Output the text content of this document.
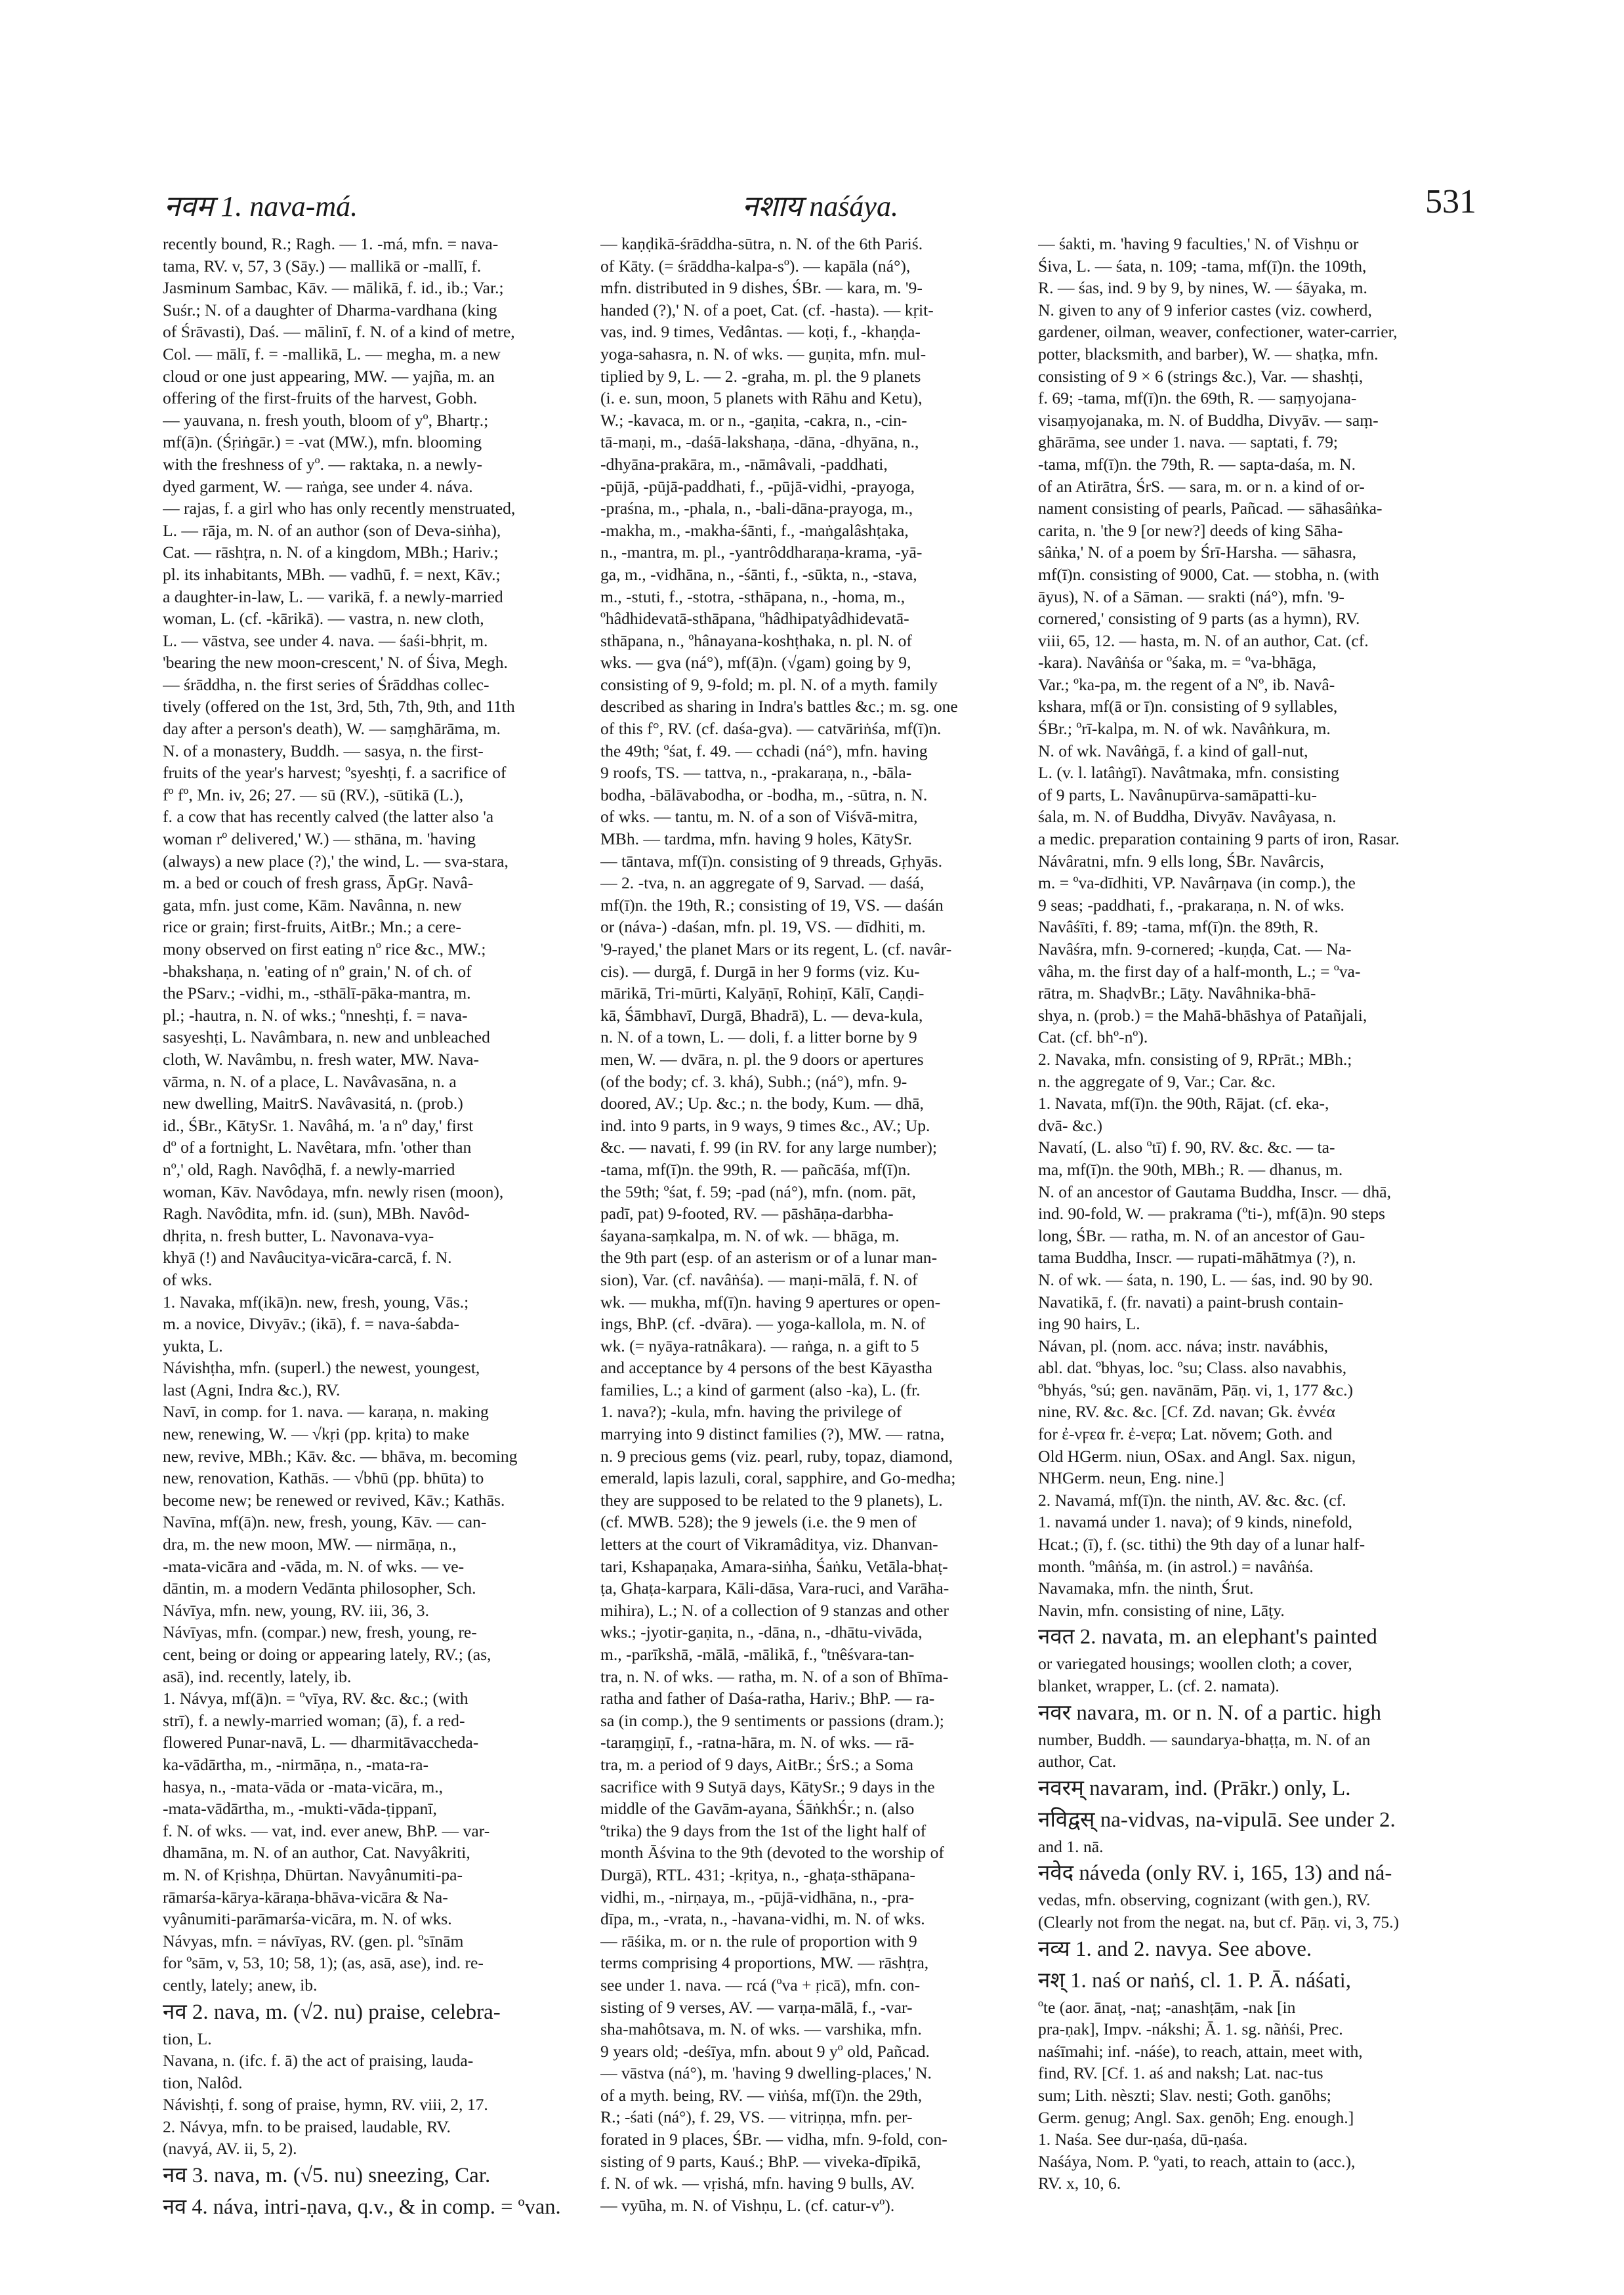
नवम 1. nava-má.	नशाय naśáya.	531
recently bound, R.; Ragh. — 1. -má, mfn. = nava-
tama, RV. v, 57, 3 (Sāy.) — mallikā or -mallī, f.
Jasminum Sambac, Kāv. — mālikā, f. id., ib.; Var.;
Suśr.; N. of a daughter of Dharma-vardhana (king
of Śrāvasti), Daś. — mālinī, f. N. of a kind of metre,
Col. — mālī, f. = -mallikā, L. — megha, m. a new
cloud or one just appearing, MW. — yajña, m. an
offering of the first-fruits of the harvest, Gobh.
— yauvana, n. fresh youth, bloom of yº, Bhartṛ.;
mf(ā)n. (Śṛiṅgār.) = -vat (MW.), mfn. blooming
with the freshness of yº. — raktaka, n. a newly-
dyed garment, W. — raṅga, see under 4. náva.
— rajas, f. a girl who has only recently menstruated,
L. — rāja, m. N. of an author (son of Deva-siṅha),
Cat. — rāshṭra, n. N. of a kingdom, MBh.; Hariv.;
pl. its inhabitants, MBh. — vadhū, f. = next, Kāv.;
a daughter-in-law, L. — varikā, f. a newly-married
woman, L. (cf. -kārikā). — vastra, n. new cloth,
L. — vāstva, see under 4. nava. — śaśi-bhṛit, m.
'bearing the new moon-crescent,' N. of Śiva, Megh.
— śrāddha, n. the first series of Śrāddhas collec-
tively (offered on the 1st, 3rd, 5th, 7th, 9th, and 11th
day after a person's death), W. — saṃghārāma, m.
N. of a monastery, Buddh. — sasya, n. the first-
fruits of the year's harvest; ºsyeshṭi, f. a sacrifice of
fº fº, Mn. iv, 26; 27. — sū (RV.), -sūtikā (L.),
f. a cow that has recently calved (the latter also 'a
woman rº delivered,' W.) — sthāna, m. 'having
(always) a new place (?),' the wind, L. — sva-stara,
m. a bed or couch of fresh grass, ĀpGṛ. Navâ-
gata, mfn. just come, Kām. Navânna, n. new
rice or grain; first-fruits, AitBr.; Mn.; a cere-
mony observed on first eating nº rice &c., MW.;
-bhakshaṇa, n. 'eating of nº grain,' N. of ch. of
the PSarv.; -vidhi, m., -sthālī-pāka-mantra, m.
pl.; -hautra, n. N. of wks.; ºnneshṭi, f. = nava-
sasyeshṭi, L. Navâmbara, n. new and unbleached
cloth, W. Navâmbu, n. fresh water, MW. Nava-
vārma, n. N. of a place, L. Navâvasāna, n. a
new dwelling, MaitrS. Navâvasitá, n. (prob.)
id., ŚBr., KātySr. 1. Navâhá, m. 'a nº day,' first
dº of a fortnight, L. Navêtara, mfn. 'other than
nº,' old, Ragh. Navôḍhā, f. a newly-married
woman, Kāv. Navôdaya, mfn. newly risen (moon),
Ragh. Navôdita, mfn. id. (sun), MBh. Navôd-
dhṛita, n. fresh butter, L. Navonava-vya-
khyā (!) and Navâucitya-vicāra-carcā, f. N.
of wks.
1. Navaka, mf(ikā)n. new, fresh, young, Vās.;
m. a novice, Divyāv.; (ikā), f. = nava-śabda-
yukta, L.
Návishṭha, mfn. (superl.) the newest, youngest,
last (Agni, Indra &c.), RV.
Navī, in comp. for 1. nava. — karaṇa, n. making
new, renewing, W. — √kṛi (pp. kṛita) to make
new, revive, MBh.; Kāv. &c. — bhāva, m. becoming
new, renovation, Kathās. — √bhū (pp. bhūta) to
become new; be renewed or revived, Kāv.; Kathās.
Navīna, mf(ā)n. new, fresh, young, Kāv. — can-
dra, m. the new moon, MW. — nirmāṇa, n.,
-mata-vicāra and -vāda, m. N. of wks. — ve-
dāntin, m. a modern Vedānta philosopher, Sch.
Návīya, mfn. new, young, RV. iii, 36, 3.
Návīyas, mfn. (compar.) new, fresh, young, re-
cent, being or doing or appearing lately, RV.; (as,
asā), ind. recently, lately, ib.
1. Návya, mf(ā)n. = ºvīya, RV. &c. &c.; (with
strī), f. a newly-married woman; (ā), f. a red-
flowered Punar-navā, L. — dharmitāvaccheda-
ka-vādārtha, m., -nirmāṇa, n., -mata-ra-
hasya, n., -mata-vāda or -mata-vicāra, m.,
-mata-vādārtha, m., -mukti-vāda-ṭippanī,
f. N. of wks. — vat, ind. ever anew, BhP. — var-
dhamāna, m. N. of an author, Cat. Navyâkriti,
m. N. of Kṛishṇa, Dhūrtan. Navyânumiti-pa-
rāmarśa-kārya-kāraṇa-bhāva-vicāra & Na-
vyânumiti-parāmarśa-vicāra, m. N. of wks.
Návyas, mfn. = návīyas, RV. (gen. pl. ºsīnām
for ºsām, v, 53, 10; 58, 1); (as, asā, ase), ind. re-
cently, lately; anew, ib.
नव 2. nava, m. (√2. nu) praise, celebra-
tion, L.
Navana, n. (ifc. f. ā) the act of praising, lauda-
tion, Nalôd.
Návishṭi, f. song of praise, hymn, RV. viii, 2, 17.
2. Návya, mfn. to be praised, laudable, RV.
(navyá, AV. ii, 5, 2).
नव 3. nava, m. (√5. nu) sneezing, Car.
नव 4. náva, intri-ṇava, q.v., & in comp. = ºvan.
— kaṇḍikā-śrāddha-sūtra, n. N. of the 6th Pariś.
of Kāty. (= śrāddha-kalpa-sº). — kapāla (ná°),
mfn. distributed in 9 dishes, ŚBr. — kara, m. '9-
handed (?),' N. of a poet, Cat. (cf. -hasta). — kṛit-
vas, ind. 9 times, Vedântas. — koṭi, f., -khaṇḍa-
yoga-sahasra, n. N. of wks. — guṇita, mfn. mul-
tiplied by 9, L. — 2. -graha, m. pl. the 9 planets
(i. e. sun, moon, 5 planets with Rāhu and Ketu),
W.; -kavaca, m. or n., -gaṇita, -cakra, n., -cin-
tā-maṇi, m., -daśā-lakshaṇa, -dāna, -dhyāna, n.,
-dhyāna-prakāra, m., -nāmâvali, -paddhati,
-pūjā, -pūjā-paddhati, f., -pūjā-vidhi, -prayoga,
-praśna, m., -phala, n., -bali-dāna-prayoga, m.,
-makha, m., -makha-śānti, f., -maṅgalâshṭaka,
n., -mantra, m. pl., -yantrôddharaṇa-krama, -yā-
ga, m., -vidhāna, n., -śānti, f., -sūkta, n., -stava,
m., -stuti, f., -stotra, -sthāpana, n., -homa, m.,
ºhâdhidevatā-sthāpana, ºhâdhipatyâdhidevatā-
sthāpana, n., ºhânayana-koshṭhaka, n. pl. N. of
wks. — gva (ná°), mf(ā)n. (√gam) going by 9,
consisting of 9, 9-fold; m. pl. N. of a myth. family
described as sharing in Indra's battles &c.; m. sg. one
of this f°, RV. (cf. daśa-gva). — catvāriṅśa, mf(ī)n.
the 49th; ºśat, f. 49. — cchadi (ná°), mfn. having
9 roofs, TS. — tattva, n., -prakaraṇa, n., -bāla-
bodha, -bālāvabodha, or -bodha, m., -sūtra, n. N.
of wks. — tantu, m. N. of a son of Viśvā-mitra,
MBh. — tardma, mfn. having 9 holes, KātySr.
— tāntava, mf(ī)n. consisting of 9 threads, Gṛhyās.
— 2. -tva, n. an aggregate of 9, Sarvad. — daśá,
mf(ī)n. the 19th, R.; consisting of 19, VS. — daśán
or (náva-) -daśan, mfn. pl. 19, VS. — dīdhiti, m.
'9-rayed,' the planet Mars or its regent, L. (cf. navâr-
cis). — durgā, f. Durgā in her 9 forms (viz. Ku-
mārikā, Tri-mūrti, Kalyāṇī, Rohiṇī, Kālī, Caṇḍi-
kā, Śāmbhavī, Durgā, Bhadrā), L. — deva-kula,
n. N. of a town, L. — doli, f. a litter borne by 9
men, W. — dvāra, n. pl. the 9 doors or apertures
(of the body; cf. 3. khá), Subh.; (ná°), mfn. 9-
doored, AV.; Up. &c.; n. the body, Kum. — dhā,
ind. into 9 parts, in 9 ways, 9 times &c., AV.; Up.
&c. — navati, f. 99 (in RV. for any large number);
-tama, mf(ī)n. the 99th, R. — pañcāśa, mf(ī)n.
the 59th; ºśat, f. 59; -pad (ná°), mfn. (nom. pāt,
padī, pat) 9-footed, RV. — pāshāṇa-darbha-
śayana-saṃkalpa, m. N. of wk. — bhāga, m.
the 9th part (esp. of an asterism or of a lunar man-
sion), Var. (cf. navâṅśa). — maṇi-mālā, f. N. of
wk. — mukha, mf(ī)n. having 9 apertures or open-
ings, BhP. (cf. -dvāra). — yoga-kallola, m. N. of
wk. (= nyāya-ratnâkara). — raṅga, n. a gift to 5
and acceptance by 4 persons of the best Kāyastha
families, L.; a kind of garment (also -ka), L. (fr.
1. nava?); -kula, mfn. having the privilege of
marrying into 9 distinct families (?), MW. — ratna,
n. 9 precious gems (viz. pearl, ruby, topaz, diamond,
emerald, lapis lazuli, coral, sapphire, and Go-medha;
they are supposed to be related to the 9 planets), L.
(cf. MWB. 528); the 9 jewels (i.e. the 9 men of
letters at the court of Vikramâditya, viz. Dhanvan-
tari, Kshapaṇaka, Amara-siṅha, Śaṅku, Vetāla-bhaṭ-
ṭa, Ghaṭa-karpara, Kāli-dāsa, Vara-ruci, and Varāha-
mihira), L.; N. of a collection of 9 stanzas and other
wks.; -jyotir-gaṇita, n., -dāna, n., -dhātu-vivāda,
m., -parīkshā, -mālā, -mālikā, f., ºtnêśvara-tan-
tra, n. N. of wks. — ratha, m. N. of a son of Bhīma-
ratha and father of Daśa-ratha, Hariv.; BhP. — ra-
sa (in comp.), the 9 sentiments or passions (dram.);
-taraṃgiṇī, f., -ratna-hāra, m. N. of wks. — rā-
tra, m. a period of 9 days, AitBr.; ŚrS.; a Soma
sacrifice with 9 Sutyā days, KātySr.; 9 days in the
middle of the Gavām-ayana, ŚāṅkhŚr.; n. (also
ºtrika) the 9 days from the 1st of the light half of
month Āśvina to the 9th (devoted to the worship of
Durgā), RTL. 431; -kṛitya, n., -ghaṭa-sthāpana-
vidhi, m., -nirṇaya, m., -pūjā-vidhāna, n., -pra-
dīpa, m., -vrata, n., -havana-vidhi, m. N. of wks.
— rāśika, m. or n. the rule of proportion with 9
terms comprising 4 proportions, MW. — rāshṭra,
see under 1. nava. — rcá (ºva + ṛicā), mfn. con-
sisting of 9 verses, AV. — varṇa-mālā, f., -var-
sha-mahôtsava, m. N. of wks. — varshika, mfn.
9 years old; -deśīya, mfn. about 9 yº old, Pañcad.
— vāstva (ná°), m. 'having 9 dwelling-places,' N.
of a myth. being, RV. — viṅśa, mf(ī)n. the 29th,
R.; -śati (ná°), f. 29, VS. — vitriṇṇa, mfn. per-
forated in 9 places, ŚBr. — vidha, mfn. 9-fold, con-
sisting of 9 parts, Kauś.; BhP. — viveka-dīpikā,
f. N. of wk. — vṛishá, mfn. having 9 bulls, AV.
— vyūha, m. N. of Vishṇu, L. (cf. catur-vº).
— śakti, m. 'having 9 faculties,' N. of Vishṇu or
Śiva, L. — śata, n. 109; -tama, mf(ī)n. the 109th,
R. — śas, ind. 9 by 9, by nines, W. — śāyaka, m.
N. given to any of 9 inferior castes (viz. cowherd,
gardener, oilman, weaver, confectioner, water-carrier,
potter, blacksmith, and barber), W. — shaṭka, mfn.
consisting of 9 × 6 (strings &c.), Var. — shashṭi,
f. 69; -tama, mf(ī)n. the 69th, R. — saṃyojana-
visaṃyojanaka, m. N. of Buddha, Divyāv. — saṃ-
ghārāma, see under 1. nava. — saptati, f. 79;
-tama, mf(ī)n. the 79th, R. — sapta-daśa, m. N.
of an Atirātra, ŚrS. — sara, m. or n. a kind of or-
nament consisting of pearls, Pañcad. — sāhasâṅka-
carita, n. 'the 9 [or new?] deeds of king Sāha-
sâṅka,' N. of a poem by Śrī-Harsha. — sāhasra,
mf(ī)n. consisting of 9000, Cat. — stobha, n. (with
āyus), N. of a Sāman. — srakti (ná°), mfn. '9-
cornered,' consisting of 9 parts (as a hymn), RV.
viii, 65, 12. — hasta, m. N. of an author, Cat. (cf.
-kara). Navâṅśa or ºśaka, m. = ºva-bhāga,
Var.; ºka-pa, m. the regent of a Nº, ib. Navâ-
kshara, mf(ā or ī)n. consisting of 9 syllables,
ŚBr.; ºrī-kalpa, m. N. of wk. Navâṅkura, m.
N. of wk. Navâṅgā, f. a kind of gall-nut,
L. (v. l. latâṅgī). Navâtmaka, mfn. consisting
of 9 parts, L. Navânupūrva-samāpatti-ku-
śala, m. N. of Buddha, Divyāv. Navâyasa, n.
a medic. preparation containing 9 parts of iron, Rasar.
Návâratni, mfn. 9 ells long, ŚBr. Navârcis,
m. = ºva-dīdhiti, VP. Navârṇava (in comp.), the
9 seas; -paddhati, f., -prakaraṇa, n. N. of wks.
Navâśīti, f. 89; -tama, mf(ī)n. the 89th, R.
Navâśra, mfn. 9-cornered; -kuṇḍa, Cat. — Na-
vâha, m. the first day of a half-month, L.; = ºva-
rātra, m. ShaḍvBr.; Lāṭy. Navâhnika-bhā-
shya, n. (prob.) = the Mahā-bhāshya of Patañjali,
Cat. (cf. bhº-nº).
2. Navaka, mfn. consisting of 9, RPrāt.; MBh.;
n. the aggregate of 9, Var.; Car. &c.
1. Navata, mf(ī)n. the 90th, Rājat. (cf. eka-,
dvā- &c.)
Navatí, (L. also ºtī) f. 90, RV. &c. &c. — ta-
ma, mf(ī)n. the 90th, MBh.; R. — dhanus, m.
N. of an ancestor of Gautama Buddha, Inscr. — dhā,
ind. 90-fold, W. — prakrama (ºti-), mf(ā)n. 90 steps
long, ŚBr. — ratha, m. N. of an ancestor of Gau-
tama Buddha, Inscr. — rupati-māhātmya (?), n.
N. of wk. — śata, n. 190, L. — śas, ind. 90 by 90.
Navatikā, f. (fr. navati) a paint-brush contain-
ing 90 hairs, L.
Návan, pl. (nom. acc. náva; instr. navábhis,
abl. dat. ºbhyas, loc. ºsu; Class. also navabhis,
ºbhyás, ºsú; gen. navānām, Pāṇ. vi, 1, 177 &c.)
nine, RV. &c. &c. [Cf. Zd. navan; Gk. ἐννέα
for ἐ-νϝεα fr. ἐ-νεϝα; Lat. nŏvem; Goth. and
Old HGerm. niun, OSax. and Angl. Sax. nigun,
NHGerm. neun, Eng. nine.]
2. Navamá, mf(ī)n. the ninth, AV. &c. &c. (cf.
1. navamá under 1. nava); of 9 kinds, ninefold,
Hcat.; (ī), f. (sc. tithi) the 9th day of a lunar half-
month. ºmâṅśa, m. (in astrol.) = navâṅśa.
Navamaka, mfn. the ninth, Śrut.
Navin, mfn. consisting of nine, Lāṭy.
नवत 2. navata, m. an elephant's painted
or variegated housings; woollen cloth; a cover,
blanket, wrapper, L. (cf. 2. namata).
नवर navara, m. or n. N. of a partic. high
number, Buddh. — saundarya-bhaṭṭa, m. N. of an
author, Cat.
नवरम् navaram, ind. (Prākr.) only, L.
नविद्वस् na-vidvas, na-vipulā. See under 2.
and 1. nā.
नवेद náveda (only RV. i, 165, 13) and ná-
vedas, mfn. observing, cognizant (with gen.), RV.
(Clearly not from the negat. na, but cf. Pāṇ. vi, 3, 75.)
नव्य 1. and 2. navya. See above.
नश् 1. naś or naṅś, cl. 1. P. Ā. náśati,
ºte (aor. ānaṭ, -naṭ; -anashṭām, -nak [in
pra-ṇak], Impv. -nákshi; Ā. 1. sg. nãṅśi, Prec.
naśīmahi; inf. -náśe), to reach, attain, meet with,
find, RV. [Cf. 1. aś and naksh; Lat. nac-tus
sum; Lith. nèszti; Slav. nesti; Goth. ganōhs;
Germ. genug; Angl. Sax. genōh; Eng. enough.]
1. Naśa. See dur-ṇaśa, dū-ṇaśa.
Naśáya, Nom. P. ºyati, to reach, attain to (acc.),
RV. x, 10, 6.
